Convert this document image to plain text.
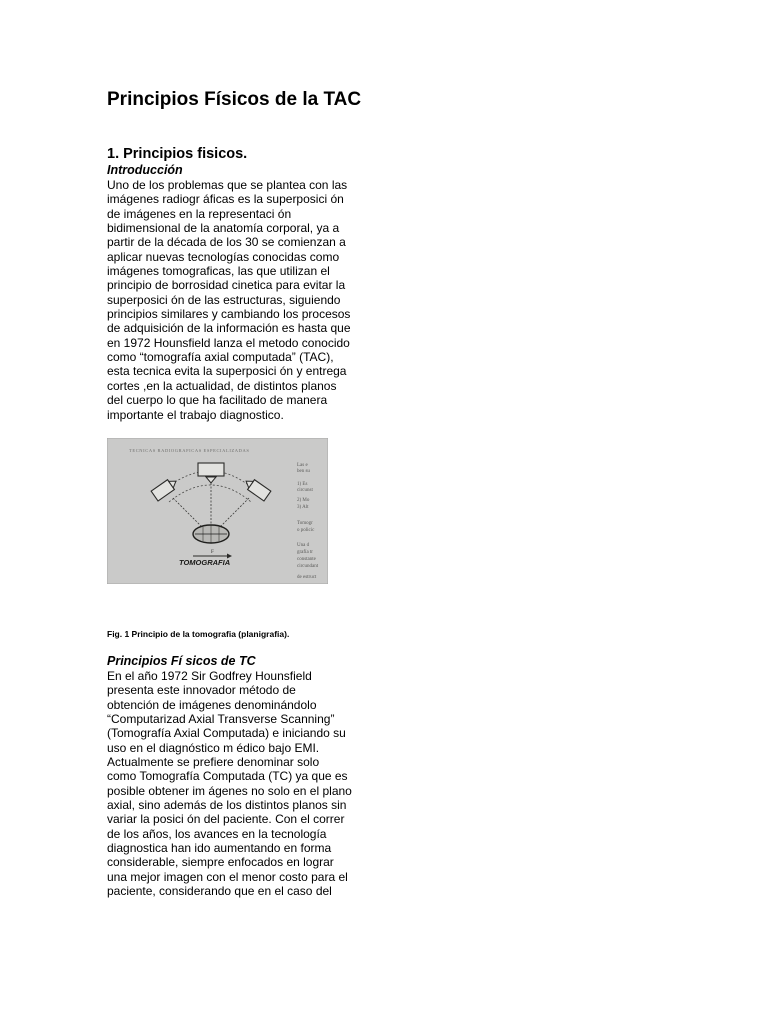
Principios Físicos de la TAC
1. Principios fisicos.

Introducción

Uno de los problemas que se plantea con las
imágenes radiogr áficas es la superposici ón
de imágenes en la representaci ón
bidimensional de la anatomía corporal, ya a
partir de la década de los 30 se comienzan a
aplicar nuevas tecnologías conocidas como
imágenes tomograficas, las que utilizan el
principio de borrosidad cinetica para evitar la
superposici ón de las estructuras, siguiendo
principios similares y cambiando los procesos
de adquisición de la información es hasta que
en 1972 Hounsfield lanza el metodo conocido
como “tomografía axial computada” (TAC),
esta tecnica evita la superposici ón y entrega
cortes ,en la actualidad, de distintos planos
del cuerpo lo que ha facilitado de manera
importante el trabajo diagnostico.
TECNICAS RADIOGRAFICAS ESPECIALIZADAS
F
TOMOGRAFIA
Las e
ben su
1) Es
circunst
2) Mo
3) Alt
Tomogr
o policic
Una d
grafía tr
constante
circundant
de estruct

Fig. 1 Principio de la tomografia (planigrafia).

Principios Fí sicos de TC

En el año 1972 Sir Godfrey Hounsfield
presenta este innovador método de
obtención de imágenes denominándolo
“Computarizad Axial Transverse Scanning”
(Tomografía Axial Computada) e iniciando su
uso en el diagnóstico m édico bajo EMI.
Actualmente se prefiere denominar solo
como Tomografía Computada (TC) ya que es
posible obtener im ágenes no solo en el plano
axial, sino además de los distintos planos sin
variar la posici ón del paciente. Con el correr
de los años, los avances en la tecnología
diagnostica han ido aumentando en forma
considerable, siempre enfocados en lograr
una mejor imagen con el menor costo para el
paciente, considerando que en el caso del
